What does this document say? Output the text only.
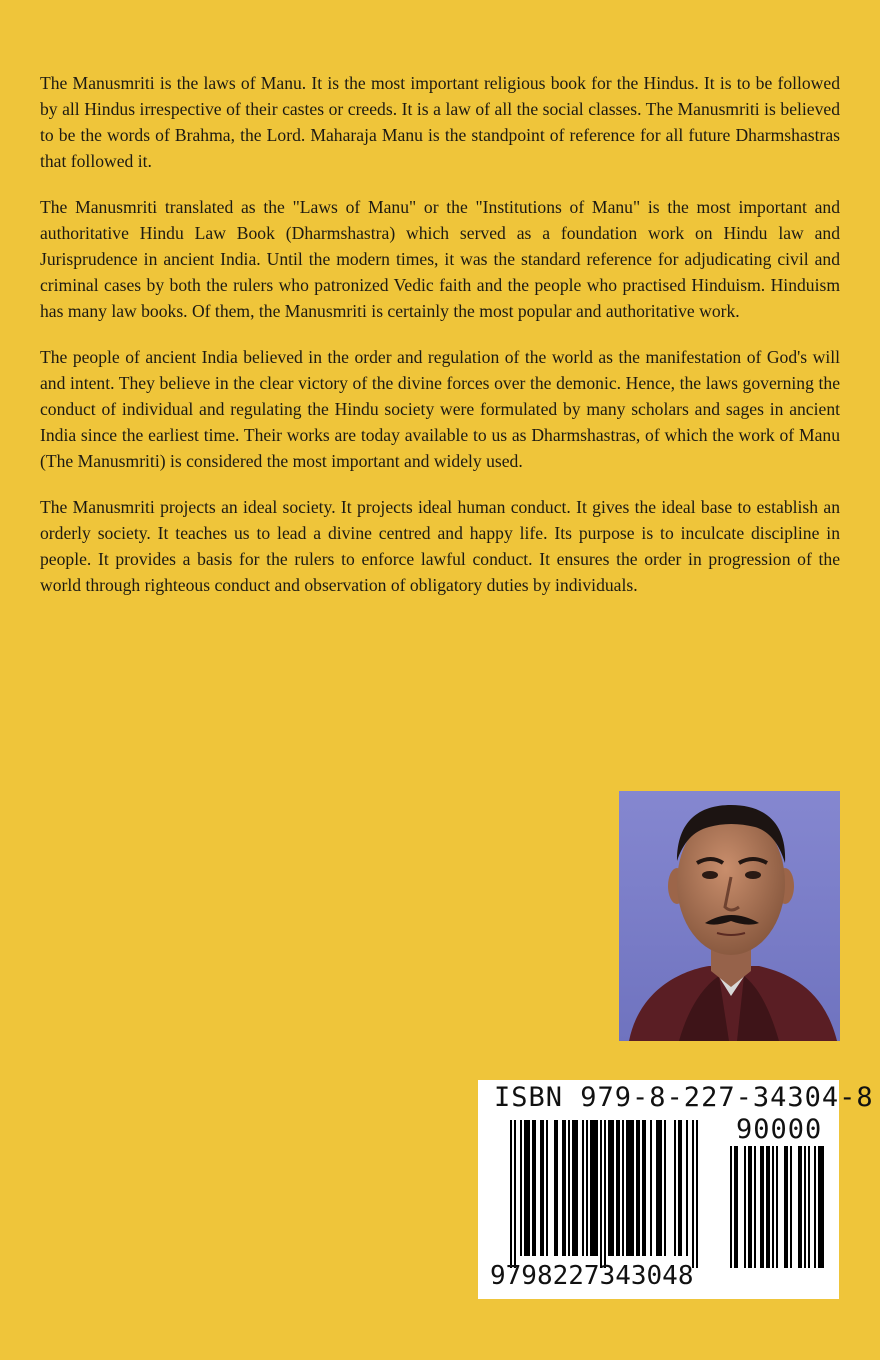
The Manusmriti is the laws of Manu. It is the most important religious book for the Hindus. It is to be followed by all Hindus irrespective of their castes or creeds. It is a law of all the social classes. The Manusmriti is believed to be the words of Brahma, the Lord. Maharaja Manu is the standpoint of reference for all future Dharmshastras that followed it.

The Manusmriti translated as the "Laws of Manu" or the "Institutions of Manu" is the most important and authoritative Hindu Law Book (Dharmshastra) which served as a foundation work on Hindu law and Jurisprudence in ancient India. Until the modern times, it was the standard reference for adjudicating civil and criminal cases by both the rulers who patronized Vedic faith and the people who practised Hinduism. Hinduism has many law books. Of them, the Manusmriti is certainly the most popular and authoritative work.

The people of ancient India believed in the order and regulation of the world as the manifestation of God's will and intent. They believe in the clear victory of the divine forces over the demonic. Hence, the laws governing the conduct of individual and regulating the Hindu society were formulated by many scholars and sages in ancient India since the earliest time. Their works are today available to us as Dharmshastras, of which the work of Manu (The Manusmriti) is considered the most important and widely used.

The Manusmriti projects an ideal society. It projects ideal human conduct. It gives the ideal base to establish an orderly society. It teaches us to lead a divine centred and happy life. Its purpose is to inculcate discipline in people. It provides a basis for the rulers to enforce lawful conduct. It ensures the order in progression of the world through righteous conduct and observation of obligatory duties by individuals.

ISBN 979-8-227-34304-8
90000
9798227343048
